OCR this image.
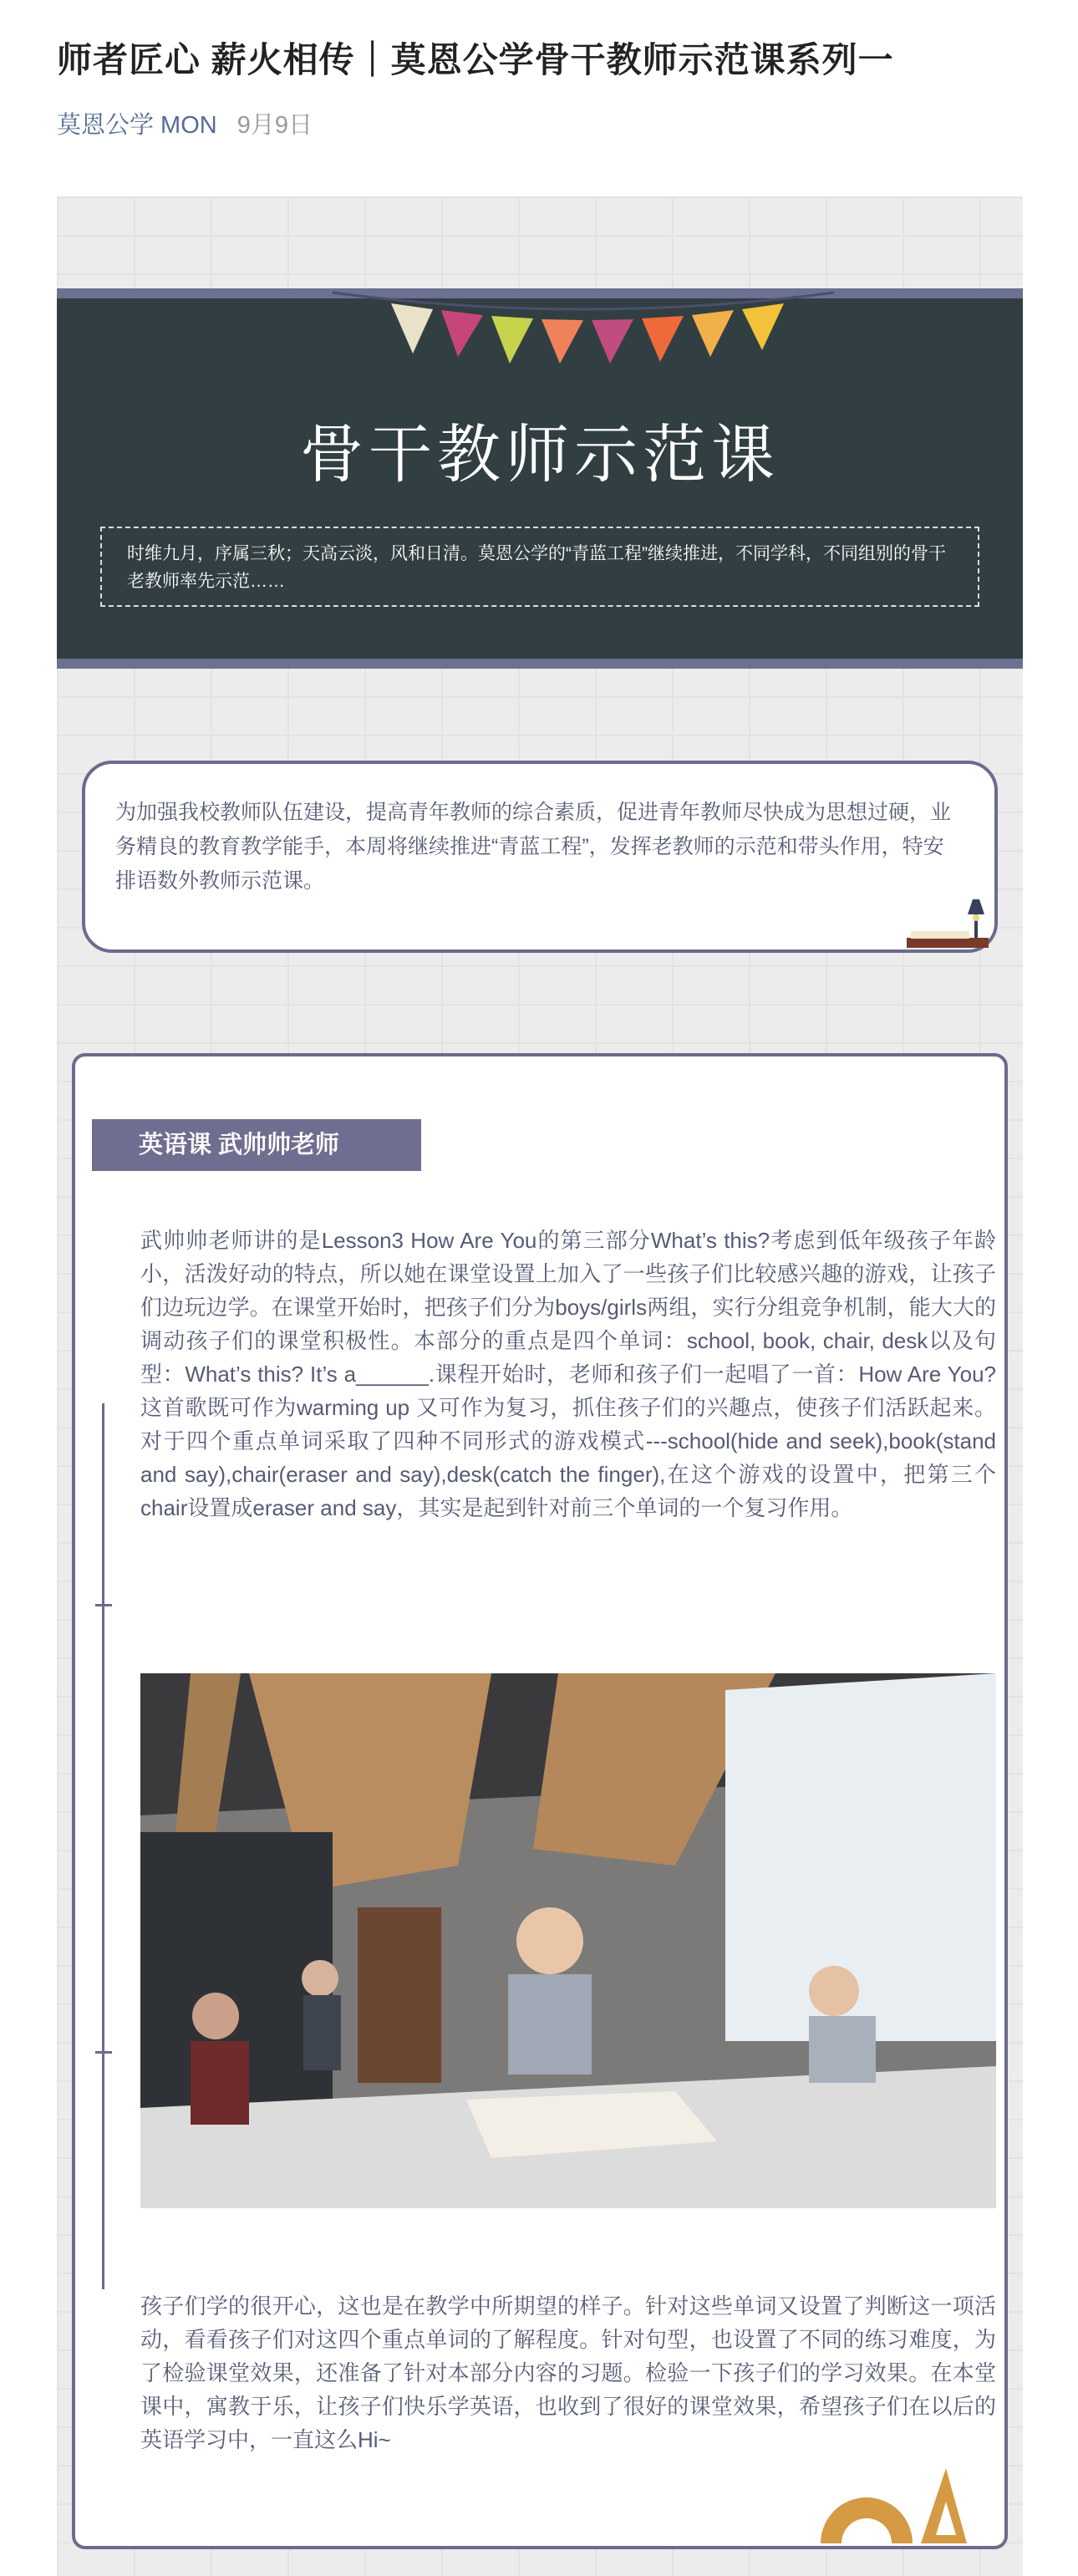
师者匠心 薪火相传｜莫恩公学骨干教师示范课系列一
莫恩公学 MON 9月9日
骨干教师示范课
时维九月，序属三秋；天高云淡，风和日清。莫恩公学的“青蓝工程”继续推进，不同学科，不同组别的骨干老教师率先示范……

为加强我校教师队伍建设，提高青年教师的综合素质，促进青年教师尽快成为思想过硬，业务精良的教育教学能手，本周将继续推进“青蓝工程”，发挥老教师的示范和带头作用，特安排语数外教师示范课。

英语课 武帅帅老师

武帅帅老师讲的是Lesson3 How Are You的第三部分What’s this?考虑到低年级孩子年龄小，活泼好动的特点，所以她在课堂设置上加入了一些孩子们比较感兴趣的游戏，让孩子们边玩边学。在课堂开始时，把孩子们分为boys/girls两组，实行分组竞争机制，能大大的调动孩子们的课堂积极性。本部分的重点是四个单词：school, book, chair, desk以及句型：What’s this? It’s a______.课程开始时，老师和孩子们一起唱了一首：How Are You? 这首歌既可作为warming up 又可作为复习，抓住孩子们的兴趣点，使孩子们活跃起来。对于四个重点单词采取了四种不同形式的游戏模式---school(hide and seek),book(stand and say),chair(eraser and say),desk(catch the finger),在这个游戏的设置中，把第三个chair设置成eraser and say，其实是起到针对前三个单词的一个复习作用。

孩子们学的很开心，这也是在教学中所期望的样子。针对这些单词又设置了判断这一项活动，看看孩子们对这四个重点单词的了解程度。针对句型，也设置了不同的练习难度，为了检验课堂效果，还准备了针对本部分内容的习题。检验一下孩子们的学习效果。在本堂课中，寓教于乐，让孩子们快乐学英语，也收到了很好的课堂效果，希望孩子们在以后的英语学习中，一直这么Hi~
